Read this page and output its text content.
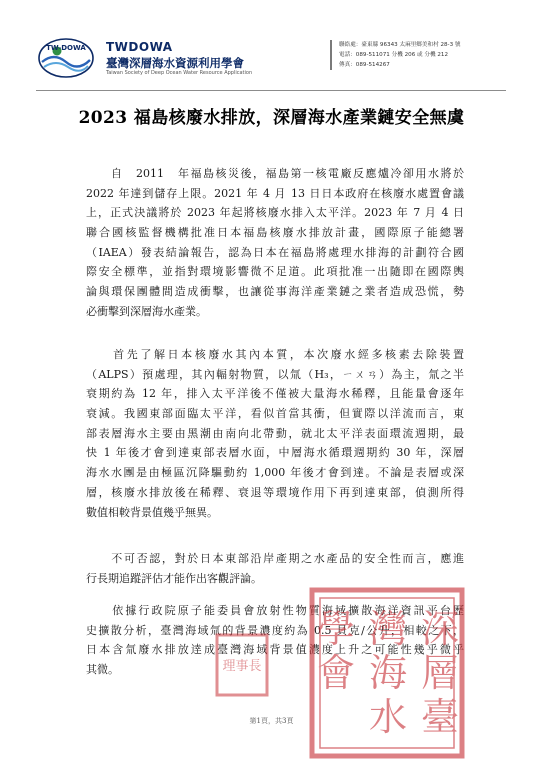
TW-DOWA TWDOWA
臺灣深層海水資源利用學會
Taiwan Society of Deep Ocean Water Resource Application
聯絡處：臺東縣 96343 太麻里鄉美和村 28-3 號
電話：089-511071 分機 206 或 分機 212
傳真：089-514267
2023 福島核廢水排放，深層海水產業鏈安全無虞
　　自　2011　年福島核災後，福島第一核電廠反應爐冷卻用水將於
2022 年達到儲存上限。2021 年 4 月 13 日日本政府在核廢水處置會議
上，正式決議將於 2023 年起將核廢水排入太平洋。2023 年 7 月 4 日
聯合國核監督機構批准日本福島核廢水排放計畫，國際原子能總署
（IAEA）發表結論報告，認為日本在福島將處理水排海的計劃符合國
際安全標準，並指對環境影響微不足道。此項批准一出隨即在國際輿
論與環保團體間造成衝擊，也讓從事海洋產業鏈之業者造成恐慌，勢
必衝擊到深層海水產業。
　　首先了解日本核廢水其內本質，本次廢水經多核素去除裝置
（ALPS）預處理，其內輻射物質，以氚（H₃，ㄧㄨㄢ）為主，氚之半
衰期約為 12 年，排入太平洋後不僅被大量海水稀釋，且能量會逐年
衰減。我國東部面臨太平洋，看似首當其衝，但實際以洋流而言，東
部表層海水主要由黑潮由南向北帶動，就北太平洋表面環流週期，最
快 1 年後才會到達東部表層水面，中層海水循環週期約 30 年，深層
海水水團是由極區沉降驅動約 1,000 年後才會到達。不論是表層或深
層，核廢水排放後在稀釋、衰退等環境作用下再到達東部，偵測所得
數值相較背景值幾乎無異。
　　不可否認，對於日本東部沿岸產期之水產品的安全性而言，應進
行長期追蹤評估才能作出客觀評論。
　　依據行政院原子能委員會放射性物質海域擴散海洋資訊平台歷
史擴散分析，臺灣海域氚的背景濃度約為 0.5 貝克/公升，相較之下，
日本含氚廢水排放逹成臺灣海域背景值濃度上升之可能性幾乎微乎
其微。
深
層
臺
灣
海
水
學
會
理事長
第1頁，共3頁
